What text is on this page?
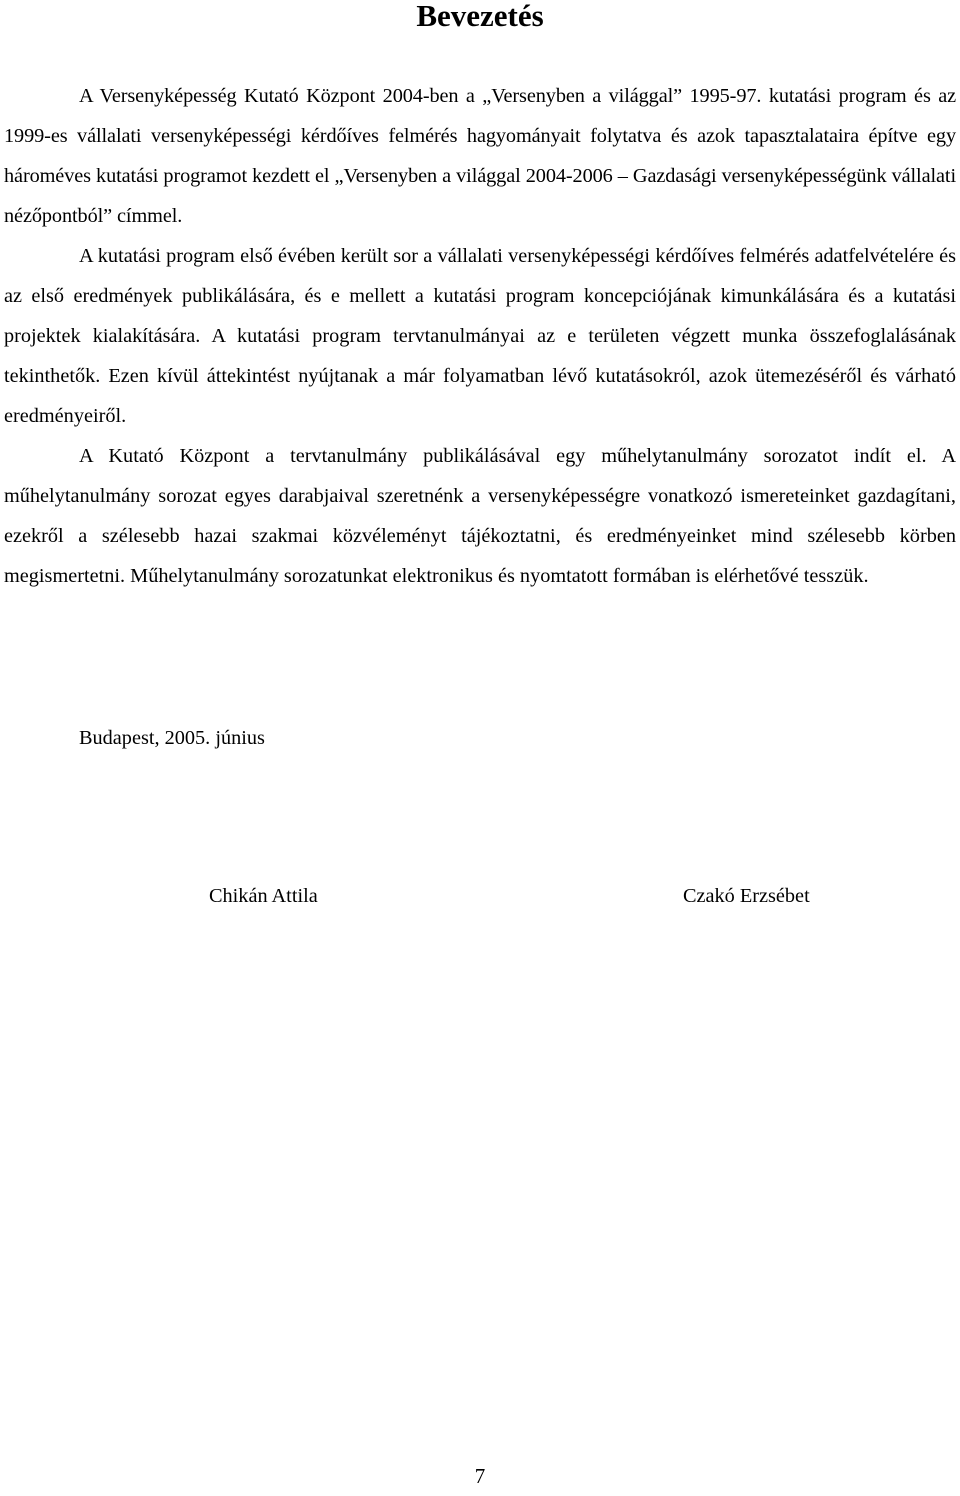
Bevezetés

A Versenyképesség Kutató Központ 2004-ben a „Versenyben a világgal” 1995-97. kutatási program és az 1999-es vállalati versenyképességi kérdőíves felmérés hagyományait folytatva és azok tapasztalataira építve egy hároméves kutatási programot kezdett el „Versenyben a világgal 2004-2006 – Gazdasági versenyképességünk vállalati nézőpontból” címmel.

A kutatási program első évében került sor a vállalati versenyképességi kérdőíves felmérés adatfelvételére és az első eredmények publikálására, és e mellett a kutatási program koncepciójának kimunkálására és a kutatási projektek kialakítására. A kutatási program tervtanulmányai az e területen végzett munka összefoglalásának tekinthetők. Ezen kívül áttekintést nyújtanak a már folyamatban lévő kutatásokról, azok ütemezéséről és várható eredményeiről.

A Kutató Központ a tervtanulmány publikálásával egy műhelytanulmány sorozatot indít el. A műhelytanulmány sorozat egyes darabjaival szeretnénk a versenyképességre vonatkozó ismereteinket gazdagítani, ezekről a szélesebb hazai szakmai közvéleményt tájékoztatni, és eredményeinket mind szélesebb körben megismertetni. Műhelytanulmány sorozatunkat elektronikus és nyomtatott formában is elérhetővé tesszük.

Budapest, 2005. június
Chikán Attila	Czakó Erzsébet
7
